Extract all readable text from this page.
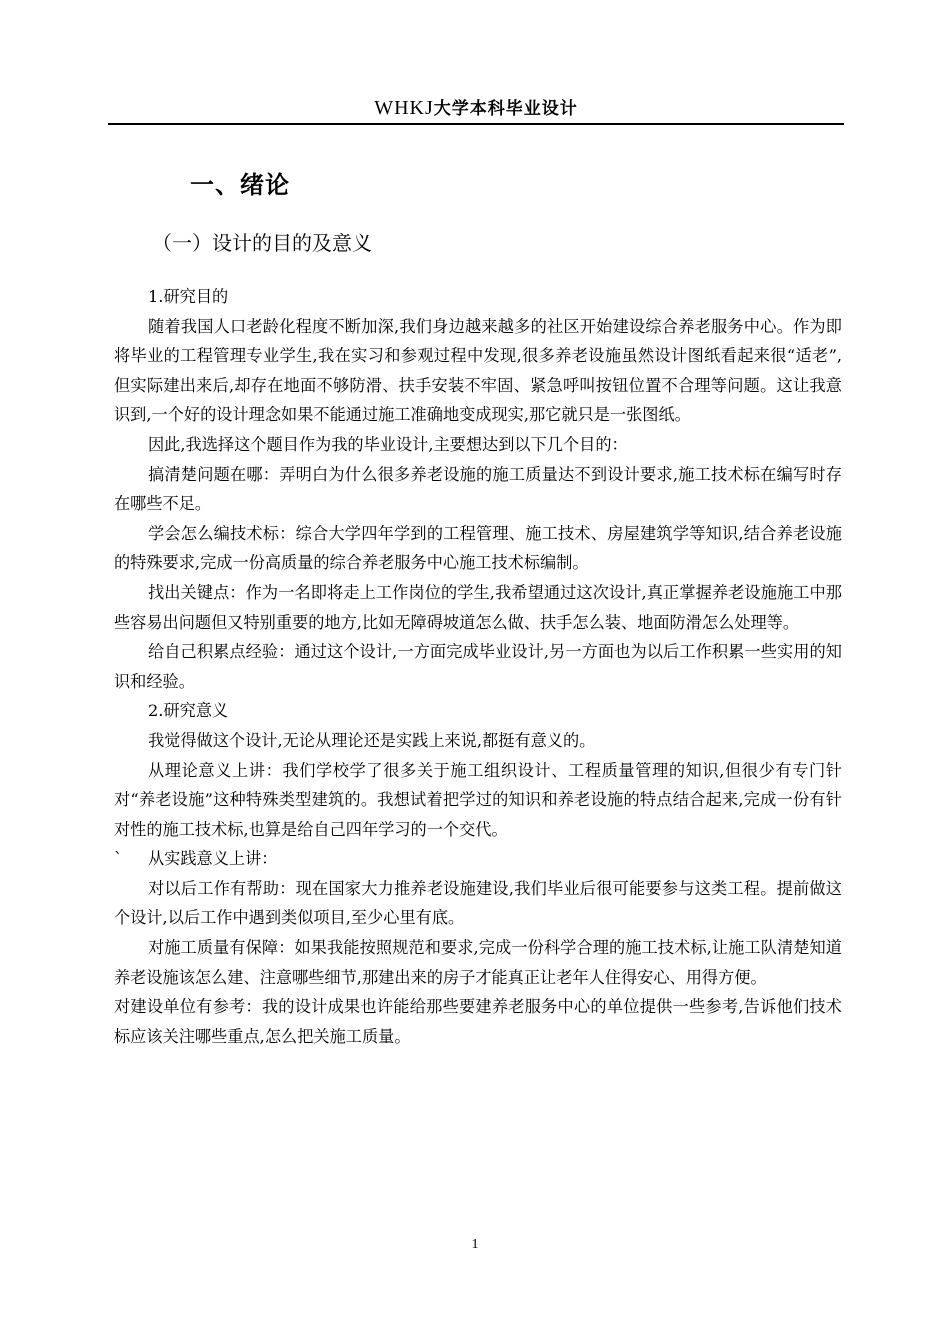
WHKJ大学本科毕业设计
一、绪论
（一）设计的目的及意义

1.研究目的

随着我国人口老龄化程度不断加深,我们身边越来越多的社区开始建设综合养老服务中心。作为即将毕业的工程管理专业学生,我在实习和参观过程中发现,很多养老设施虽然设计图纸看起来很“适老”,但实际建出来后,却存在地面不够防滑、扶手安装不牢固、紧急呼叫按钮位置不合理等问题。这让我意识到,一个好的设计理念如果不能通过施工准确地变成现实,那它就只是一张图纸。

因此,我选择这个题目作为我的毕业设计,主要想达到以下几个目的：

搞清楚问题在哪：弄明白为什么很多养老设施的施工质量达不到设计要求,施工技术标在编写时存在哪些不足。

学会怎么编技术标：综合大学四年学到的工程管理、施工技术、房屋建筑学等知识,结合养老设施的特殊要求,完成一份高质量的综合养老服务中心施工技术标编制。

找出关键点：作为一名即将走上工作岗位的学生,我希望通过这次设计,真正掌握养老设施施工中那些容易出问题但又特别重要的地方,比如无障碍坡道怎么做、扶手怎么装、地面防滑怎么处理等。

给自己积累点经验：通过这个设计,一方面完成毕业设计,另一方面也为以后工作积累一些实用的知识和经验。

2.研究意义

我觉得做这个设计,无论从理论还是实践上来说,都挺有意义的。

从理论意义上讲：我们学校学了很多关于施工组织设计、工程质量管理的知识,但很少有专门针对“养老设施”这种特殊类型建筑的。我想试着把学过的知识和养老设施的特点结合起来,完成一份有针对性的施工技术标,也算是给自己四年学习的一个交代。

` 从实践意义上讲：

对以后工作有帮助：现在国家大力推养老设施建设,我们毕业后很可能要参与这类工程。提前做这个设计,以后工作中遇到类似项目,至少心里有底。

对施工质量有保障：如果我能按照规范和要求,完成一份科学合理的施工技术标,让施工队清楚知道养老设施该怎么建、注意哪些细节,那建出来的房子才能真正让老年人住得安心、用得方便。

对建设单位有参考：我的设计成果也许能给那些要建养老服务中心的单位提供一些参考,告诉他们技术标应该关注哪些重点,怎么把关施工质量。

1
